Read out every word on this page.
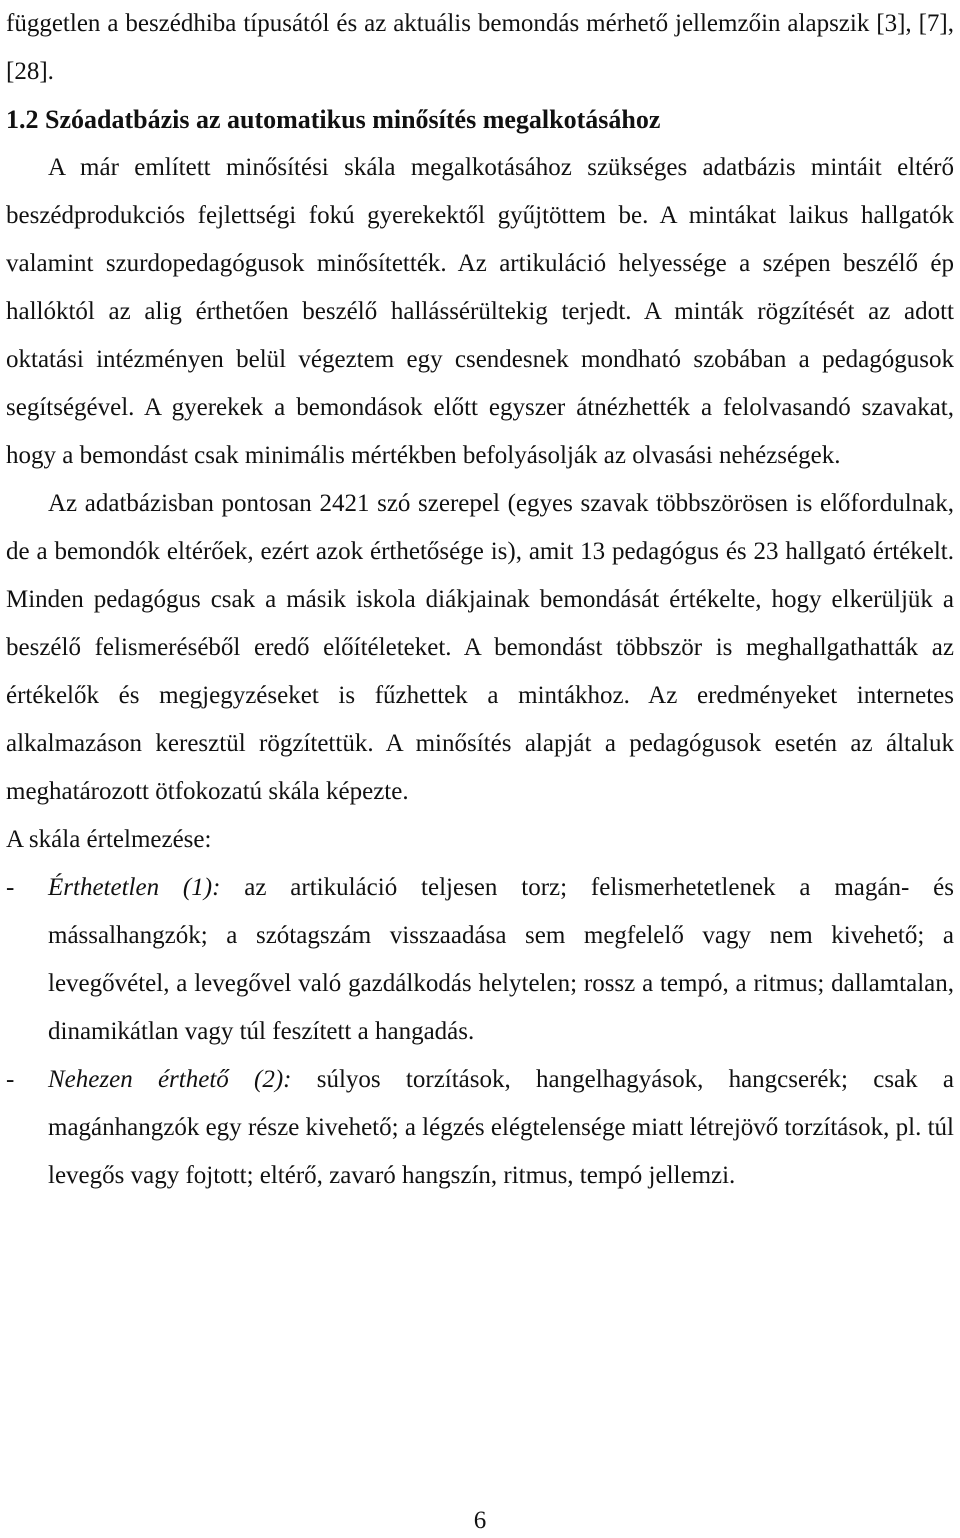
független a beszédhiba típusától és az aktuális bemondás mérhető jellemzőin alapszik [3], [7], [28].

1.2 Szóadatbázis az automatikus minősítés megalkotásához

A már említett minősítési skála megalkotásához szükséges adatbázis mintáit eltérő beszédprodukciós fejlettségi fokú gyerekektől gyűjtöttem be. A mintákat laikus hallgatók valamint szurdopedagógusok minősítették. Az artikuláció helyessége a szépen beszélő ép hallóktól az alig érthetően beszélő hallássérültekig terjedt. A minták rögzítését az adott oktatási intézményen belül végeztem egy csendesnek mondható szobában a pedagógusok segítségével. A gyerekek a bemondások előtt egyszer átnézhették a felolvasandó szavakat, hogy a bemondást csak minimális mértékben befolyásolják az olvasási nehézségek.

Az adatbázisban pontosan 2421 szó szerepel (egyes szavak többszörösen is előfordulnak, de a bemondók eltérőek, ezért azok érthetősége is), amit 13 pedagógus és 23 hallgató értékelt. Minden pedagógus csak a másik iskola diákjainak bemondását értékelte, hogy elkerüljük a beszélő felismeréséből eredő előítéleteket. A bemondást többször is meghallgathatták az értékelők és megjegyzéseket is fűzhettek a mintákhoz. Az eredményeket internetes alkalmazáson keresztül rögzítettük. A minősítés alapját a pedagógusok esetén az általuk meghatározott ötfokozatú skála képezte.

A skála értelmezése:

-	Érthetetlen (1): az artikuláció teljesen torz; felismerhetetlenek a magán- és mássalhangzók; a szótagszám visszaadása sem megfelelő vagy nem kivehető; a levegővétel, a levegővel való gazdálkodás helytelen; rossz a tempó, a ritmus; dallamtalan, dinamikátlan vagy túl feszített a hangadás.

-	Nehezen érthető (2): súlyos torzítások, hangelhagyások, hangcserék; csak a magánhangzók egy része kivehető; a légzés elégtelensége miatt létrejövő torzítások, pl. túl levegős vagy fojtott; eltérő, zavaró hangszín, ritmus, tempó jellemzi.

6
